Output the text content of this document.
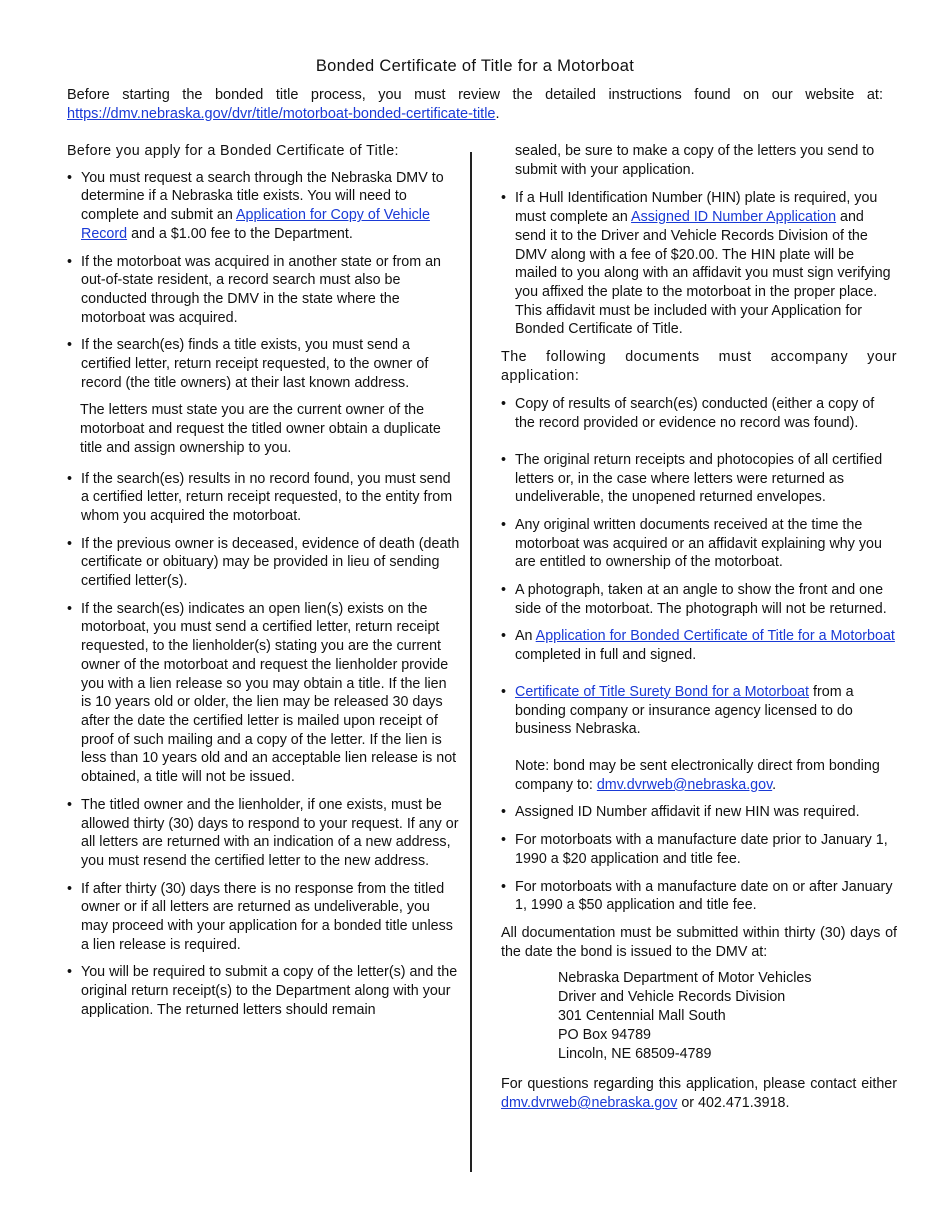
Bonded Certificate of Title for a Motorboat

Before starting the bonded title process, you must review the detailed instructions found on our website at: https://dmv.nebraska.gov/dvr/title/motorboat-bonded-certificate-title.

Before you apply for a Bonded Certificate of Title:

• You must request a search through the Nebraska DMV to determine if a Nebraska title exists. You will need to complete and submit an Application for Copy of Vehicle Record and a $1.00 fee to the Department.
• If the motorboat was acquired in another state or from an out-of-state resident, a record search must also be conducted through the DMV in the state where the motorboat was acquired.
• If the search(es) finds a title exists, you must send a certified letter, return receipt requested, to the owner of record (the title owners) at their last known address.

The letters must state you are the current owner of the motorboat and request the titled owner obtain a duplicate title and assign ownership to you.

• If the search(es) results in no record found, you must send a certified letter, return receipt requested, to the entity from whom you acquired the motorboat.
• If the previous owner is deceased, evidence of death (death certificate or obituary) may be provided in lieu of sending certified letter(s).
• If the search(es) indicates an open lien(s) exists on the motorboat, you must send a certified letter, return receipt requested, to the lienholder(s) stating you are the current owner of the motorboat and request the lienholder provide you with a lien release so you may obtain a title. If the lien is 10 years old or older, the lien may be released 30 days after the date the certified letter is mailed upon receipt of proof of such mailing and a copy of the letter. If the lien is less than 10 years old and an acceptable lien release is not obtained, a title will not be issued.
• The titled owner and the lienholder, if one exists, must be allowed thirty (30) days to respond to your request. If any or all letters are returned with an indication of a new address, you must resend the certified letter to the new address.
• If after thirty (30) days there is no response from the titled owner or if all letters are returned as undeliverable, you may proceed with your application for a bonded title unless a lien release is required.
• You will be required to submit a copy of the letter(s) and the original return receipt(s) to the Department along with your application. The returned letters should remain

sealed, be sure to make a copy of the letters you send to submit with your application.

• If a Hull Identification Number (HIN) plate is required, you must complete an Assigned ID Number Application and send it to the Driver and Vehicle Records Division of the DMV along with a fee of $20.00. The HIN plate will be mailed to you along with an affidavit you must sign verifying you affixed the plate to the motorboat in the proper place. This affidavit must be included with your Application for Bonded Certificate of Title.

The following documents must accompany your application:

• Copy of results of search(es) conducted (either a copy of the record provided or evidence no record was found).
• The original return receipts and photocopies of all certified letters or, in the case where letters were returned as undeliverable, the unopened returned envelopes.
• Any original written documents received at the time the motorboat was acquired or an affidavit explaining why you are entitled to ownership of the motorboat.
• A photograph, taken at an angle to show the front and one side of the motorboat. The photograph will not be returned.
• An Application for Bonded Certificate of Title for a Motorboat completed in full and signed.
• Certificate of Title Surety Bond for a Motorboat from a bonding company or insurance agency licensed to do business Nebraska.
Note: bond may be sent electronically direct from bonding company to: dmv.dvrweb@nebraska.gov.
• Assigned ID Number affidavit if new HIN was required.
• For motorboats with a manufacture date prior to January 1, 1990 a $20 application and title fee.
• For motorboats with a manufacture date on or after January 1, 1990 a $50 application and title fee.

All documentation must be submitted within thirty (30) days of the date the bond is issued to the DMV at:

Nebraska Department of Motor Vehicles
Driver and Vehicle Records Division
301 Centennial Mall South
PO Box 94789
Lincoln, NE 68509-4789

For questions regarding this application, please contact either dmv.dvrweb@nebraska.gov or 402.471.3918.
